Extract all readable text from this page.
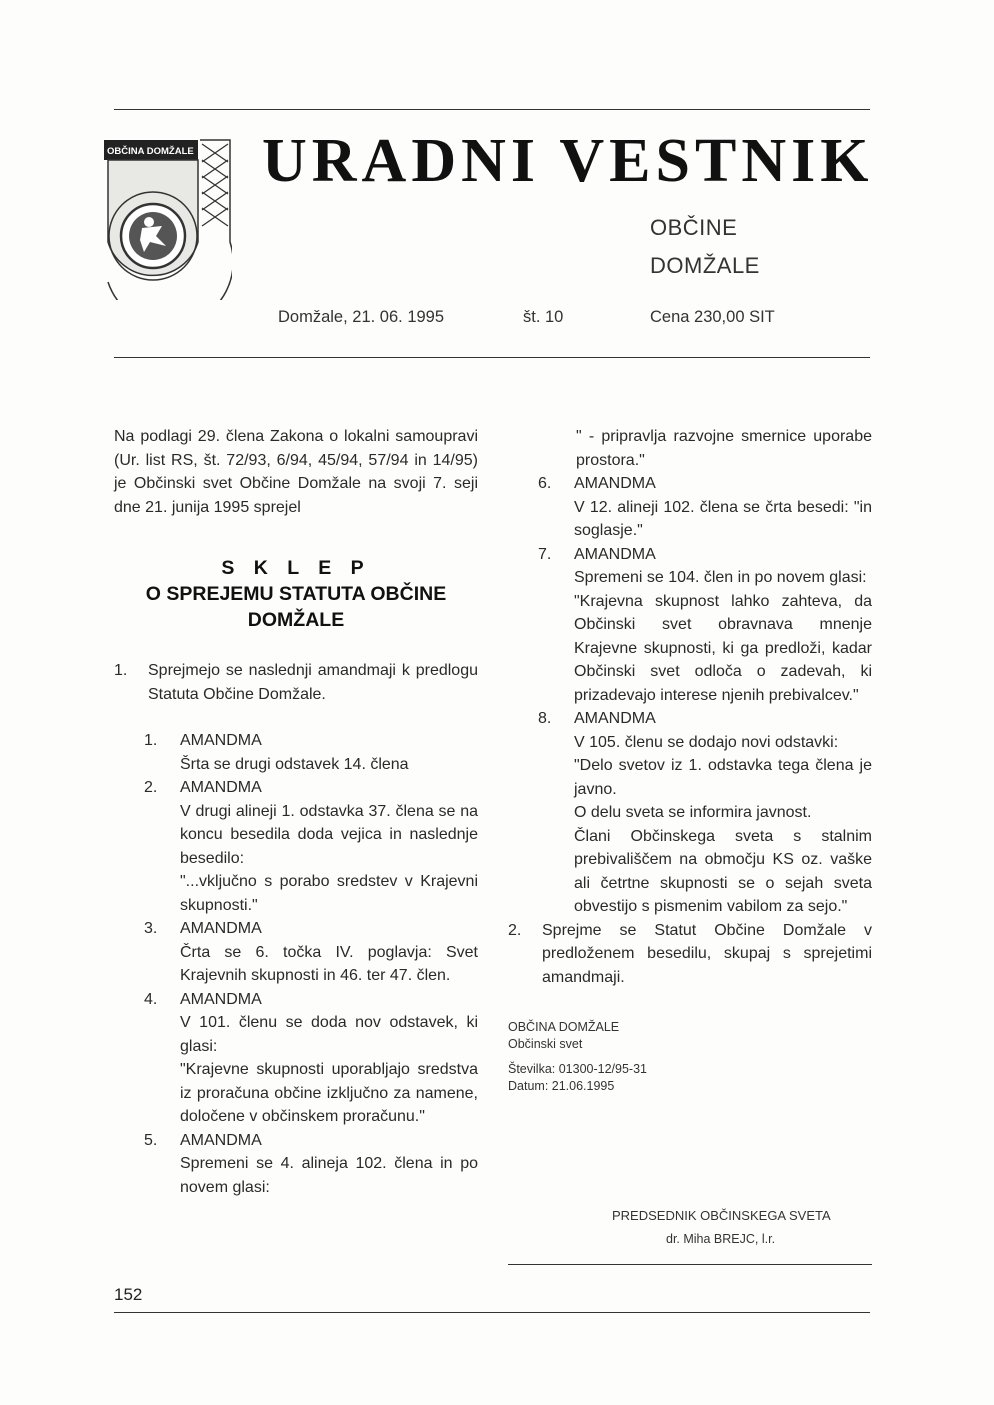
OBČINA DOMŽALE URADNI VESTNIK
OBČINE
DOMŽALE
Domžale, 21. 06. 1995	št. 10	Cena 230,00 SIT
Na podlagi 29. člena Zakona o lokalni samoupravi (Ur. list RS, št. 72/93, 6/94, 45/94, 57/94 in 14/95) je Občinski svet Občine Domžale na svoji 7. seji dne 21. junija 1995 sprejel
S K L E P
O SPREJEMU STATUTA OBČINE
DOMŽALE
1. Sprejmejo se naslednji amandmaji k predlogu Statuta Občine Domžale.
1. AMANDMA
Šrta se drugi odstavek 14. člena
2. AMANDMA
V drugi alineji 1. odstavka 37. člena se na koncu besedila doda vejica in naslednje besedilo:
"...vključno s porabo sredstev v Krajevni skupnosti."
3. AMANDMA
Črta se 6. točka IV. poglavja: Svet Krajevnih skupnosti in 46. ter 47. člen.
4. AMANDMA
V 101. členu se doda nov odstavek, ki glasi:
"Krajevne skupnosti uporabljajo sredstva iz proračuna občine izključno za namene, določene v občinskem proračunu."
5. AMANDMA
Spremeni se 4. alineja 102. člena in po novem glasi:
" - pripravlja razvojne smernice uporabe prostora."
6. AMANDMA
V 12. alineji 102. člena se črta besedi: "in soglasje."
7. AMANDMA
Spremeni se 104. člen in po novem glasi:
"Krajevna skupnost lahko zahteva, da Občinski svet obravnava mnenje Krajevne skupnosti, ki ga predloži, kadar Občinski svet odloča o zadevah, ki prizadevajo interese njenih prebivalcev."
8. AMANDMA
V 105. členu se dodajo novi odstavki:
"Delo svetov iz 1. odstavka tega člena je javno.
O delu sveta se informira javnost.
Člani Občinskega sveta s stalnim prebivališčem na območju KS oz. vaške ali četrtne skupnosti se o sejah sveta obvestijo s pismenim vabilom za sejo."
2. Sprejme se Statut Občine Domžale v predloženem besedilu, skupaj s sprejetimi amandmaji.
OBČINA DOMŽALE
Občinski svet
Številka: 01300-12/95-31
Datum: 21.06.1995
PREDSEDNIK OBČINSKEGA SVETA
dr. Miha BREJC, l.r.
152
